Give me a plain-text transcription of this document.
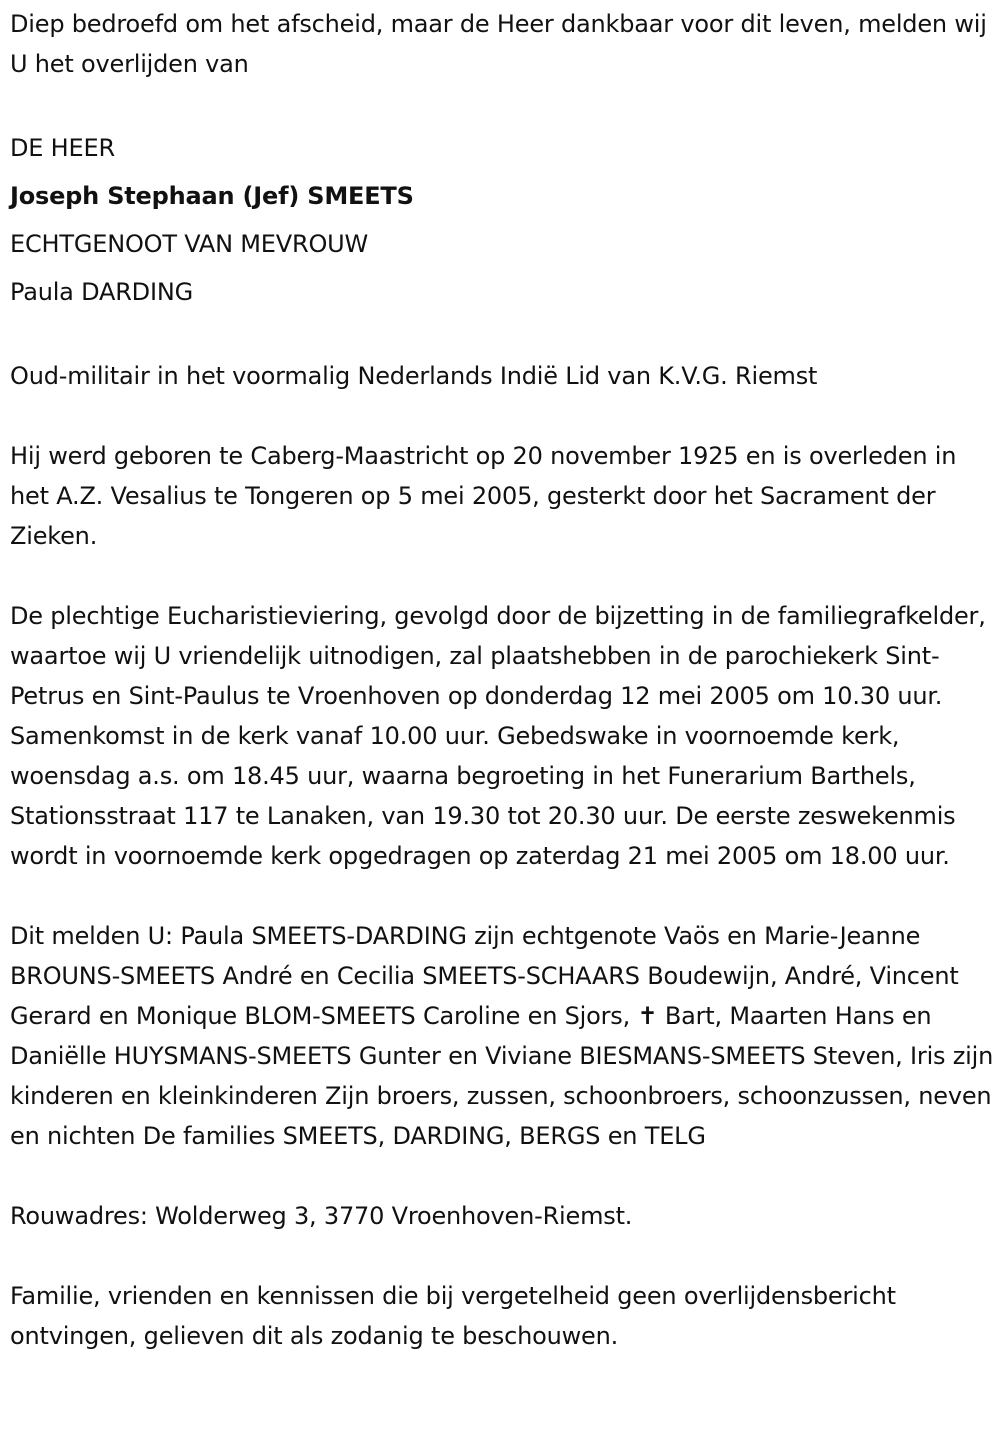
Diep bedroefd om het afscheid, maar de Heer dankbaar voor dit leven, melden wij U het overlijden van

DE HEER

Joseph Stephaan (Jef) SMEETS

ECHTGENOOT VAN MEVROUW

Paula DARDING

Oud-militair in het voormalig Nederlands Indië Lid van K.V.G. Riemst

Hij werd geboren te Caberg-Maastricht op 20 november 1925 en is overleden in het A.Z. Vesalius te Tongeren op 5 mei 2005, gesterkt door het Sacrament der Zieken.

De plechtige Eucharistieviering, gevolgd door de bijzetting in de familiegrafkelder, waartoe wij U vriendelijk uitnodigen, zal plaatshebben in de parochiekerk Sint-Petrus en Sint-Paulus te Vroenhoven op donderdag 12 mei 2005 om 10.30 uur. Samenkomst in de kerk vanaf 10.00 uur. Gebedswake in voornoemde kerk, woensdag a.s. om 18.45 uur, waarna begroeting in het Funerarium Barthels, Stationsstraat 117 te Lanaken, van 19.30 tot 20.30 uur. De eerste zeswekenmis wordt in voornoemde kerk opgedragen op zaterdag 21 mei 2005 om 18.00 uur.

Dit melden U: Paula SMEETS-DARDING zijn echtgenote Vaös en Marie-Jeanne BROUNS-SMEETS André en Cecilia SMEETS-SCHAARS Boudewijn, André, Vincent Gerard en Monique BLOM-SMEETS Caroline en Sjors, ✝ Bart, Maarten Hans en Daniëlle HUYSMANS-SMEETS Gunter en Viviane BIESMANS-SMEETS Steven, Iris zijn kinderen en kleinkinderen Zijn broers, zussen, schoonbroers, schoonzussen, neven en nichten De families SMEETS, DARDING, BERGS en TELG

Rouwadres: Wolderweg 3, 3770 Vroenhoven-Riemst.

Familie, vrienden en kennissen die bij vergetelheid geen overlijdensbericht ontvingen, gelieven dit als zodanig te beschouwen.
